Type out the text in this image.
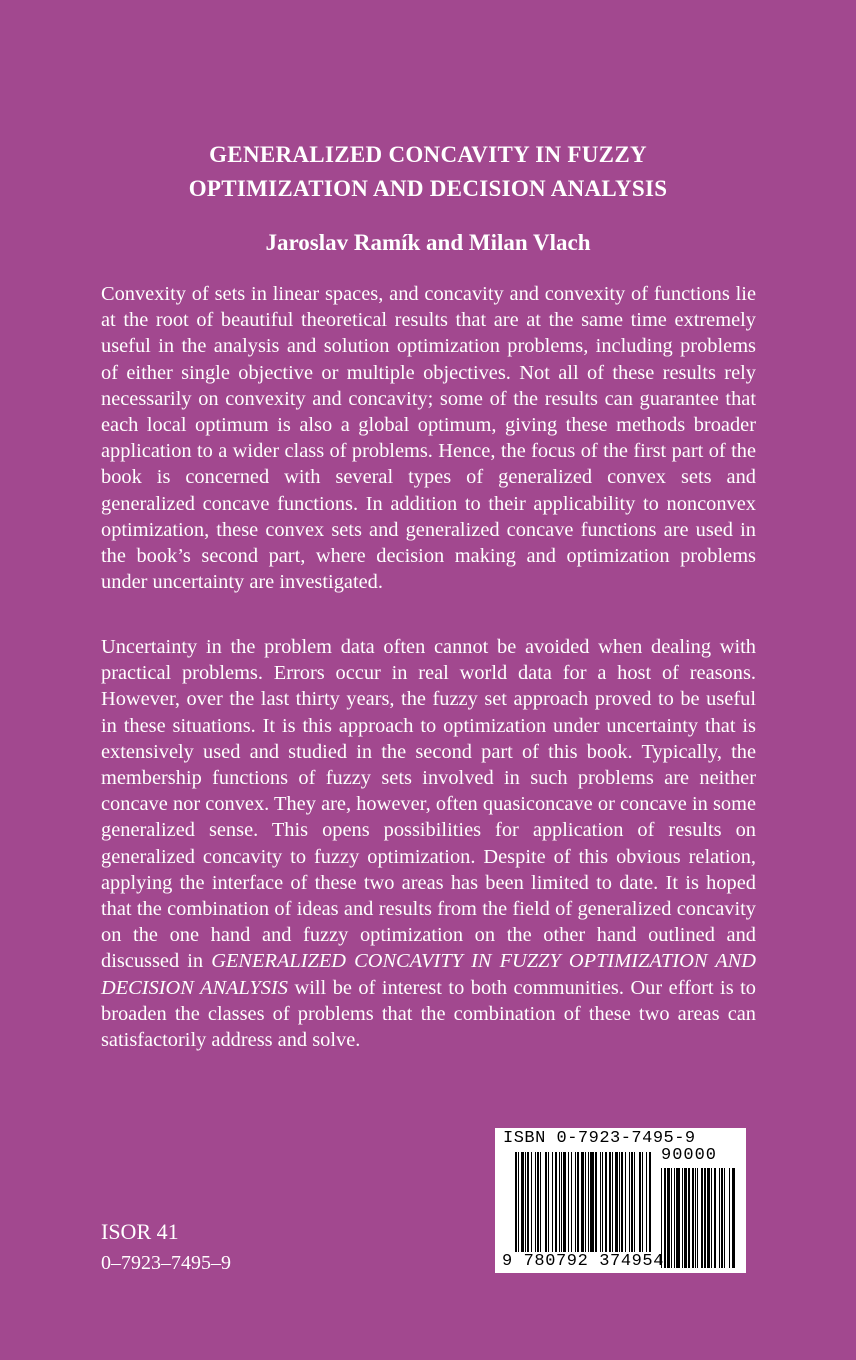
GENERALIZED CONCAVITY IN FUZZY
OPTIMIZATION AND DECISION ANALYSIS
Jaroslav Ramík and Milan Vlach
Convexity of sets in linear spaces, and concavity and convexity of functions lie at the root of beautiful theoretical results that are at the same time extremely useful in the analysis and solution optimization problems, including problems of either single objective or multiple objectives. Not all of these results rely necessarily on convexity and concavity; some of the results can guarantee that each local optimum is also a global optimum, giving these methods broader application to a wider class of problems. Hence, the focus of the first part of the book is concerned with several types of generalized convex sets and generalized concave functions. In addition to their applicability to nonconvex optimization, these convex sets and generalized concave functions are used in the book’s second part, where decision making and optimization problems under uncertainty are investigated.
Uncertainty in the problem data often cannot be avoided when dealing with practical problems. Errors occur in real world data for a host of reasons. However, over the last thirty years, the fuzzy set approach proved to be useful in these situations. It is this approach to optimization under uncertainty that is extensively used and studied in the second part of this book. Typically, the membership functions of fuzzy sets involved in such problems are neither concave nor convex. They are, however, often quasiconcave or concave in some generalized sense. This opens possibilities for application of results on generalized concavity to fuzzy optimization. Despite of this obvious relation, applying the interface of these two areas has been limited to date. It is hoped that the combination of ideas and results from the field of generalized concavity on the one hand and fuzzy optimization on the other hand outlined and discussed in GENERALIZED CONCAVITY IN FUZZY OPTIMIZATION AND DECISION ANALYSIS will be of interest to both communities. Our effort is to broaden the classes of problems that the combination of these two areas can satisfactorily address and solve.
ISOR 41
0–7923–7495–9
ISBN 0-7923-7495-9
90000
9 780792 374954
